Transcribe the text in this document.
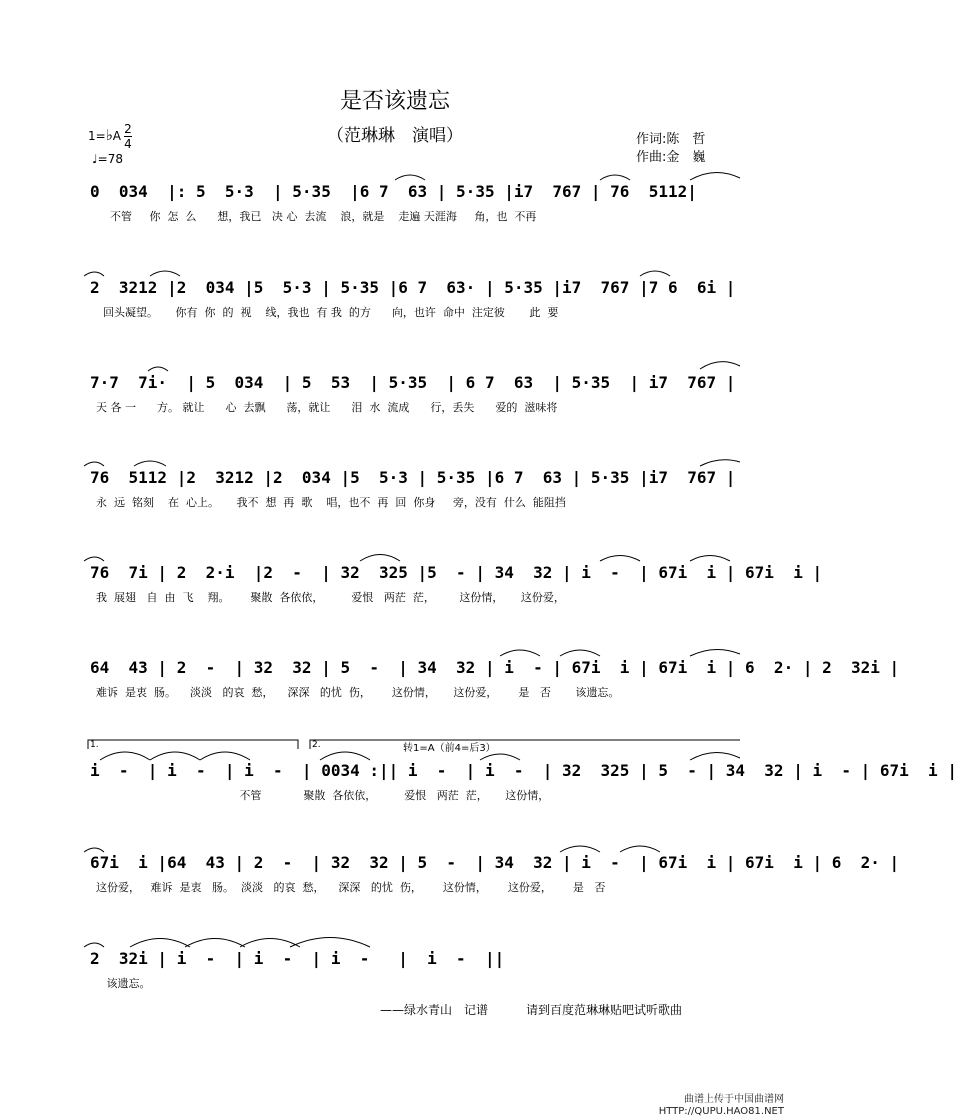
是否该遗忘
（范琳琳　演唱）	作词:陈　哲
作曲:金　巍
1=♭A 2
4
♩=78
0  034  |: 5  5·3  | 5·35  |6 7  63 | 5·35 |i7  767 | 76  5112|
不管     你  怎  么      想，我已   决 心  去流    浪，就是    走遍 天涯海     角，也  不再
2  3212 |2  034 |5  5·3 | 5·35 |6 7  63· | 5·35 |i7  767 |7 6  6i |
回头凝望。     你有  你  的  视    线，我也  有 我  的方      向，也许  命中  注定彼       此  要
7·7  7i·  | 5  034  | 5  53  | 5·35  | 6 7  63  | 5·35  | i7  767 |
天 各 一      方。 就让      心  去飘      荡，就让      泪  水  流成      行，丢失      爱的  滋味将
76  5112 |2  3212 |2  034 |5  5·3 | 5·35 |6 7  63 | 5·35 |i7  767 |
永  远  铭刻    在  心上。     我不  想  再  歌    唱，也不  再  回  你身     旁，没有  什么  能阻挡
76  7i | 2  2·i  |2  -  | 32  325 |5  - | 34  32 | i  -  | 67i  i | 67i  i |
我  展翅   自  由  飞    翔。      聚散  各依依，        爱恨   两茫  茫，       这份情，     这份爱，
64  43 | 2  -  | 32  32 | 5  -  | 34  32 | i  - | 67i  i | 67i  i | 6  2· | 2  32i |
难诉  是衷  肠。    淡淡   的哀  愁，    深深   的忧  伤，      这份情，     这份爱，      是   否       该遗忘。
1.	2.	转1=A（前4=后3）
i  -  | i  -  | i  -  | 0034 :|| i  -  | i  -  | 32  325 | 5  - | 34  32 | i  - | 67i  i |
不管            聚散  各依依，        爱恨   两茫  茫，     这份情，
67i  i |64  43 | 2  -  | 32  32 | 5  -  | 34  32 | i  -  | 67i  i | 67i  i | 6  2· |
这份爱，   难诉  是衷   肠。  淡淡   的哀  愁，    深深   的忧  伤，      这份情，      这份爱，      是   否
2  32i | i  -  | i  -  | i  -   |  i  -  ||
该遗忘。
——绿水青山　记谱	请到百度范琳琳贴吧试听歌曲
曲谱上传于中国曲谱网
HTTP://QUPU.HAO81.NET
